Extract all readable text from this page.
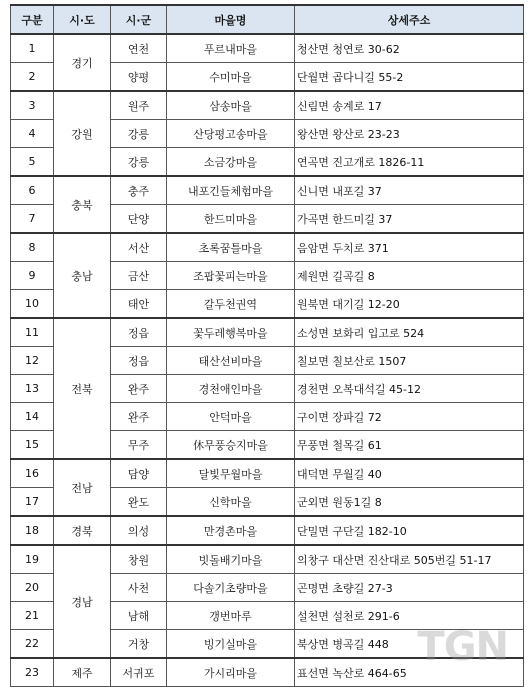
구분	시·도	시·군	마을명	상세주소
1	경기	연천	푸르내마을	청산면 청연로 30-62
2		양평	수미마을	단월면 곱다니길 55-2
3	강원	원주	삼송마을	신림면 송계로 17
4		강릉	산당평고송마을	왕산면 왕산로 23-23
5		강릉	소금강마을	연곡면 진고개로 1826-11
6	충북	충주	내포긴들체험마을	신니면 내포길 37
7		단양	한드미마을	가곡면 한드미길 37
8	충남	서산	초록꿈틀마을	음암면 두치로 371
9		금산	조팝꽃피는마을	제원면 길곡길 8
10		태안	갈두천권역	원북면 대기길 12-20
11	전북	정읍	꽃두레행복마을	소성면 보화리 입고로 524
12		정읍	태산선비마을	칠보면 칠보산로 1507
13		완주	경천애인마을	경천면 오복대석길 45-12
14		완주	안덕마을	구이면 장파길 72
15		무주	休무풍승지마을	무풍면 철목길 61
16	전남	담양	달빛무월마을	대덕면 무월길 40
17		완도	신학마을	군외면 원동1길 8
18	경북	의성	만경촌마을	단밀면 구단길 182-10
19	경남	창원	빗돌배기마을	의창구 대산면 진산대로 505번길 51-17
20		사천	다솔기초량마을	곤명면 초량길 27-3
21		남해	갱번마루	설천면 설천로 291-6
22		거창	빙기실마을	북상면 병곡길 448
23	제주	서귀포	가시리마을	표선면 녹산로 464-65
TGN
